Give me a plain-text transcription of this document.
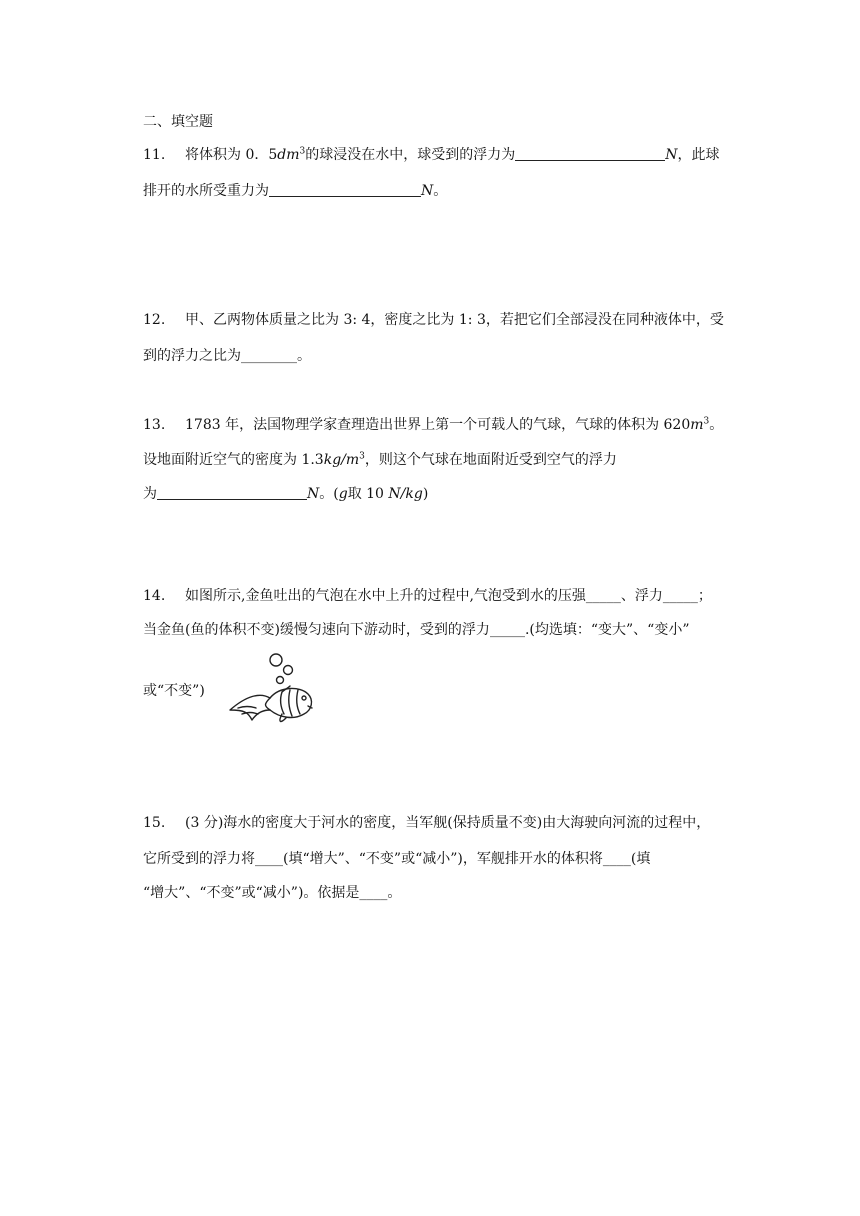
二、填空题
11. 将体积为 0．$5dm^3$的球浸没在水中，球受到的浮力为	N，此球
排开的水所受重力为	N。
12. 甲、乙两物体质量之比为 3: 4，密度之比为 1: 3，若把它们全部浸没在同种液体中，受
到的浮力之比为________。
13. 1783 年，法国物理学家查理造出世界上第一个可载人的气球，气球的体积为 $620m^3$。
设地面附近空气的密度为 $1.3kg/m^3$，则这个气球在地面附近受到空气的浮力
为	N。(g取 10 N/kg)
14. 如图所示,金鱼吐出的气泡在水中上升的过程中,气泡受到水的压强_____、浮力_____；
当金鱼(鱼的体积不变)缓慢匀速向下游动时，受到的浮力_____.(均选填：“变大”、“变小”
或“不变”)
15. (3 分)海水的密度大于河水的密度，当军舰(保持质量不变)由大海驶向河流的过程中，
它所受到的浮力将____(填“增大”、“不变”或“减小”)，军舰排开水的体积将____(填
“增大”、“不变”或“减小”)。依据是____。
